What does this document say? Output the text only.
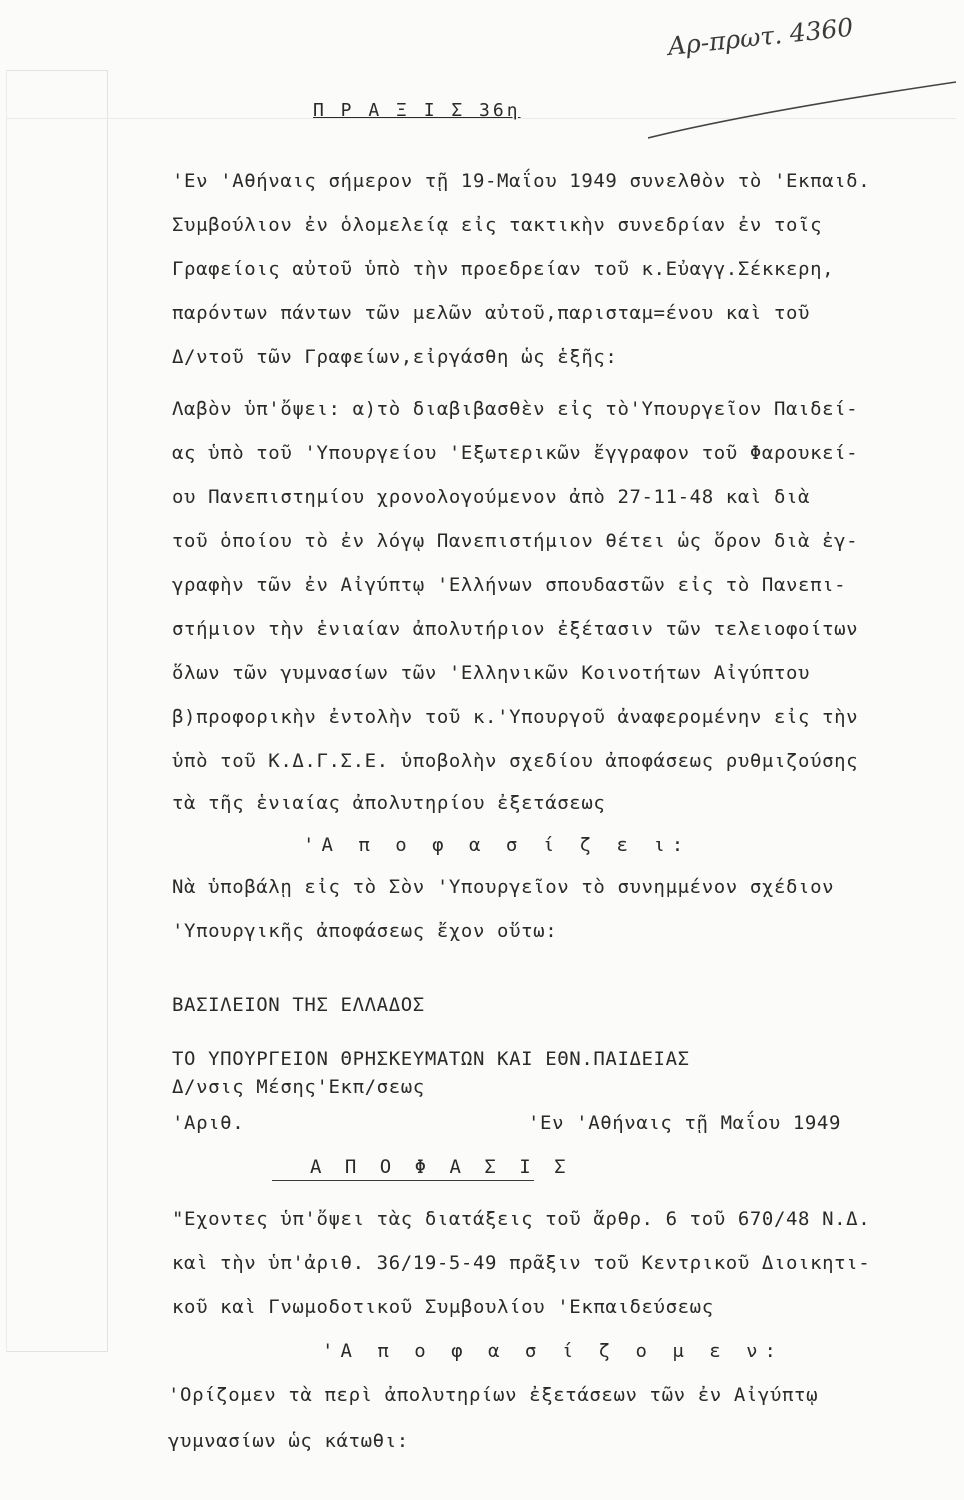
Αρ-πρωτ. 4360
Π Ρ Α Ξ Ι Σ 36η
'Εν 'Αθήναις σήμερον τῇ 19-Μαΐου 1949 συνελθὸν τὸ 'Εκπαιδ.
Συμβούλιον ἐν ὁλομελείᾳ εἰς τακτικὴν συνεδρίαν ἐν τοῖς
Γραφείοις αὐτοῦ ὑπὸ τὴν προεδρείαν τοῦ κ.Εὐαγγ.Σέκκερη,
παρόντων πάντων τῶν μελῶν αὐτοῦ,παρισταμ=ένου καὶ τοῦ
Δ/ντοῦ τῶν Γραφείων,εἰργάσθη ὡς ἑξῆς:
Λαβὸν ὑπ'ὄψει: α)τὸ διαβιβασθὲν εἰς τὸ'Υπουργεῖον Παιδεί-
ας ὑπὸ τοῦ 'Υπουργείου 'Εξωτερικῶν ἔγγραφον τοῦ Φαρουκεί-
ου Πανεπιστημίου χρονολογούμενον ἀπὸ 27-11-48 καὶ διὰ
τοῦ ὁποίου τὸ ἐν λόγῳ Πανεπιστήμιον θέτει ὡς ὅρον διὰ ἐγ-
γραφὴν τῶν ἐν Αἰγύπτῳ 'Ελλήνων σπουδαστῶν εἰς τὸ Πανεπι-
στήμιον τὴν ἑνιαίαν ἀπολυτήριον ἐξέτασιν τῶν τελειοφοίτων
ὅλων τῶν γυμνασίων τῶν 'Ελληνικῶν Κοινοτήτων Αἰγύπτου
β)προφορικὴν ἐντολὴν τοῦ κ.'Υπουργοῦ ἀναφερομένην εἰς τὴν
ὑπὸ τοῦ Κ.Δ.Γ.Σ.Ε. ὑποβολὴν σχεδίου ἀποφάσεως ρυθμιζούσης
τὰ τῆς ἑνιαίας ἀπολυτηρίου ἐξετάσεως
'Α π ο φ α σ ί ζ ε ι:
Νὰ ὑποβάλῃ εἰς τὸ Σὸν 'Υπουργεῖον τὸ συνημμένον σχέδιον
'Υπουργικῆς ἀποφάσεως ἔχον οὕτω:
ΒΑΣΙΛΕΙΟΝ ΤΗΣ ΕΛΛΑΔΟΣ
ΤΟ ΥΠΟΥΡΓΕΙΟΝ ΘΡΗΣΚΕΥΜΑΤΩΝ ΚΑΙ ΕΘΝ.ΠΑΙΔΕΙΑΣ
Δ/νσις Μέσης'Εκπ/σεως
'Αριθ.	'Εν 'Αθήναις τῇ Μαΐου 1949
Α Π Ο Φ Α Σ Ι Σ
"Εχοντες ὑπ'ὄψει τὰς διατάξεις τοῦ ἄρθρ. 6 τοῦ 670/48 Ν.Δ.
καὶ τὴν ὑπ'ἀριθ. 36/19-5-49 πρᾶξιν τοῦ Κεντρικοῦ Διοικητι-
κοῦ καὶ Γνωμοδοτικοῦ Συμβουλίου 'Εκπαιδεύσεως
'Α π ο φ α σ ί ζ ο μ ε ν:
'Ορίζομεν τὰ περὶ ἀπολυτηρίων ἐξετάσεων τῶν ἐν Αἰγύπτῳ
γυμνασίων ὡς κάτωθι:
